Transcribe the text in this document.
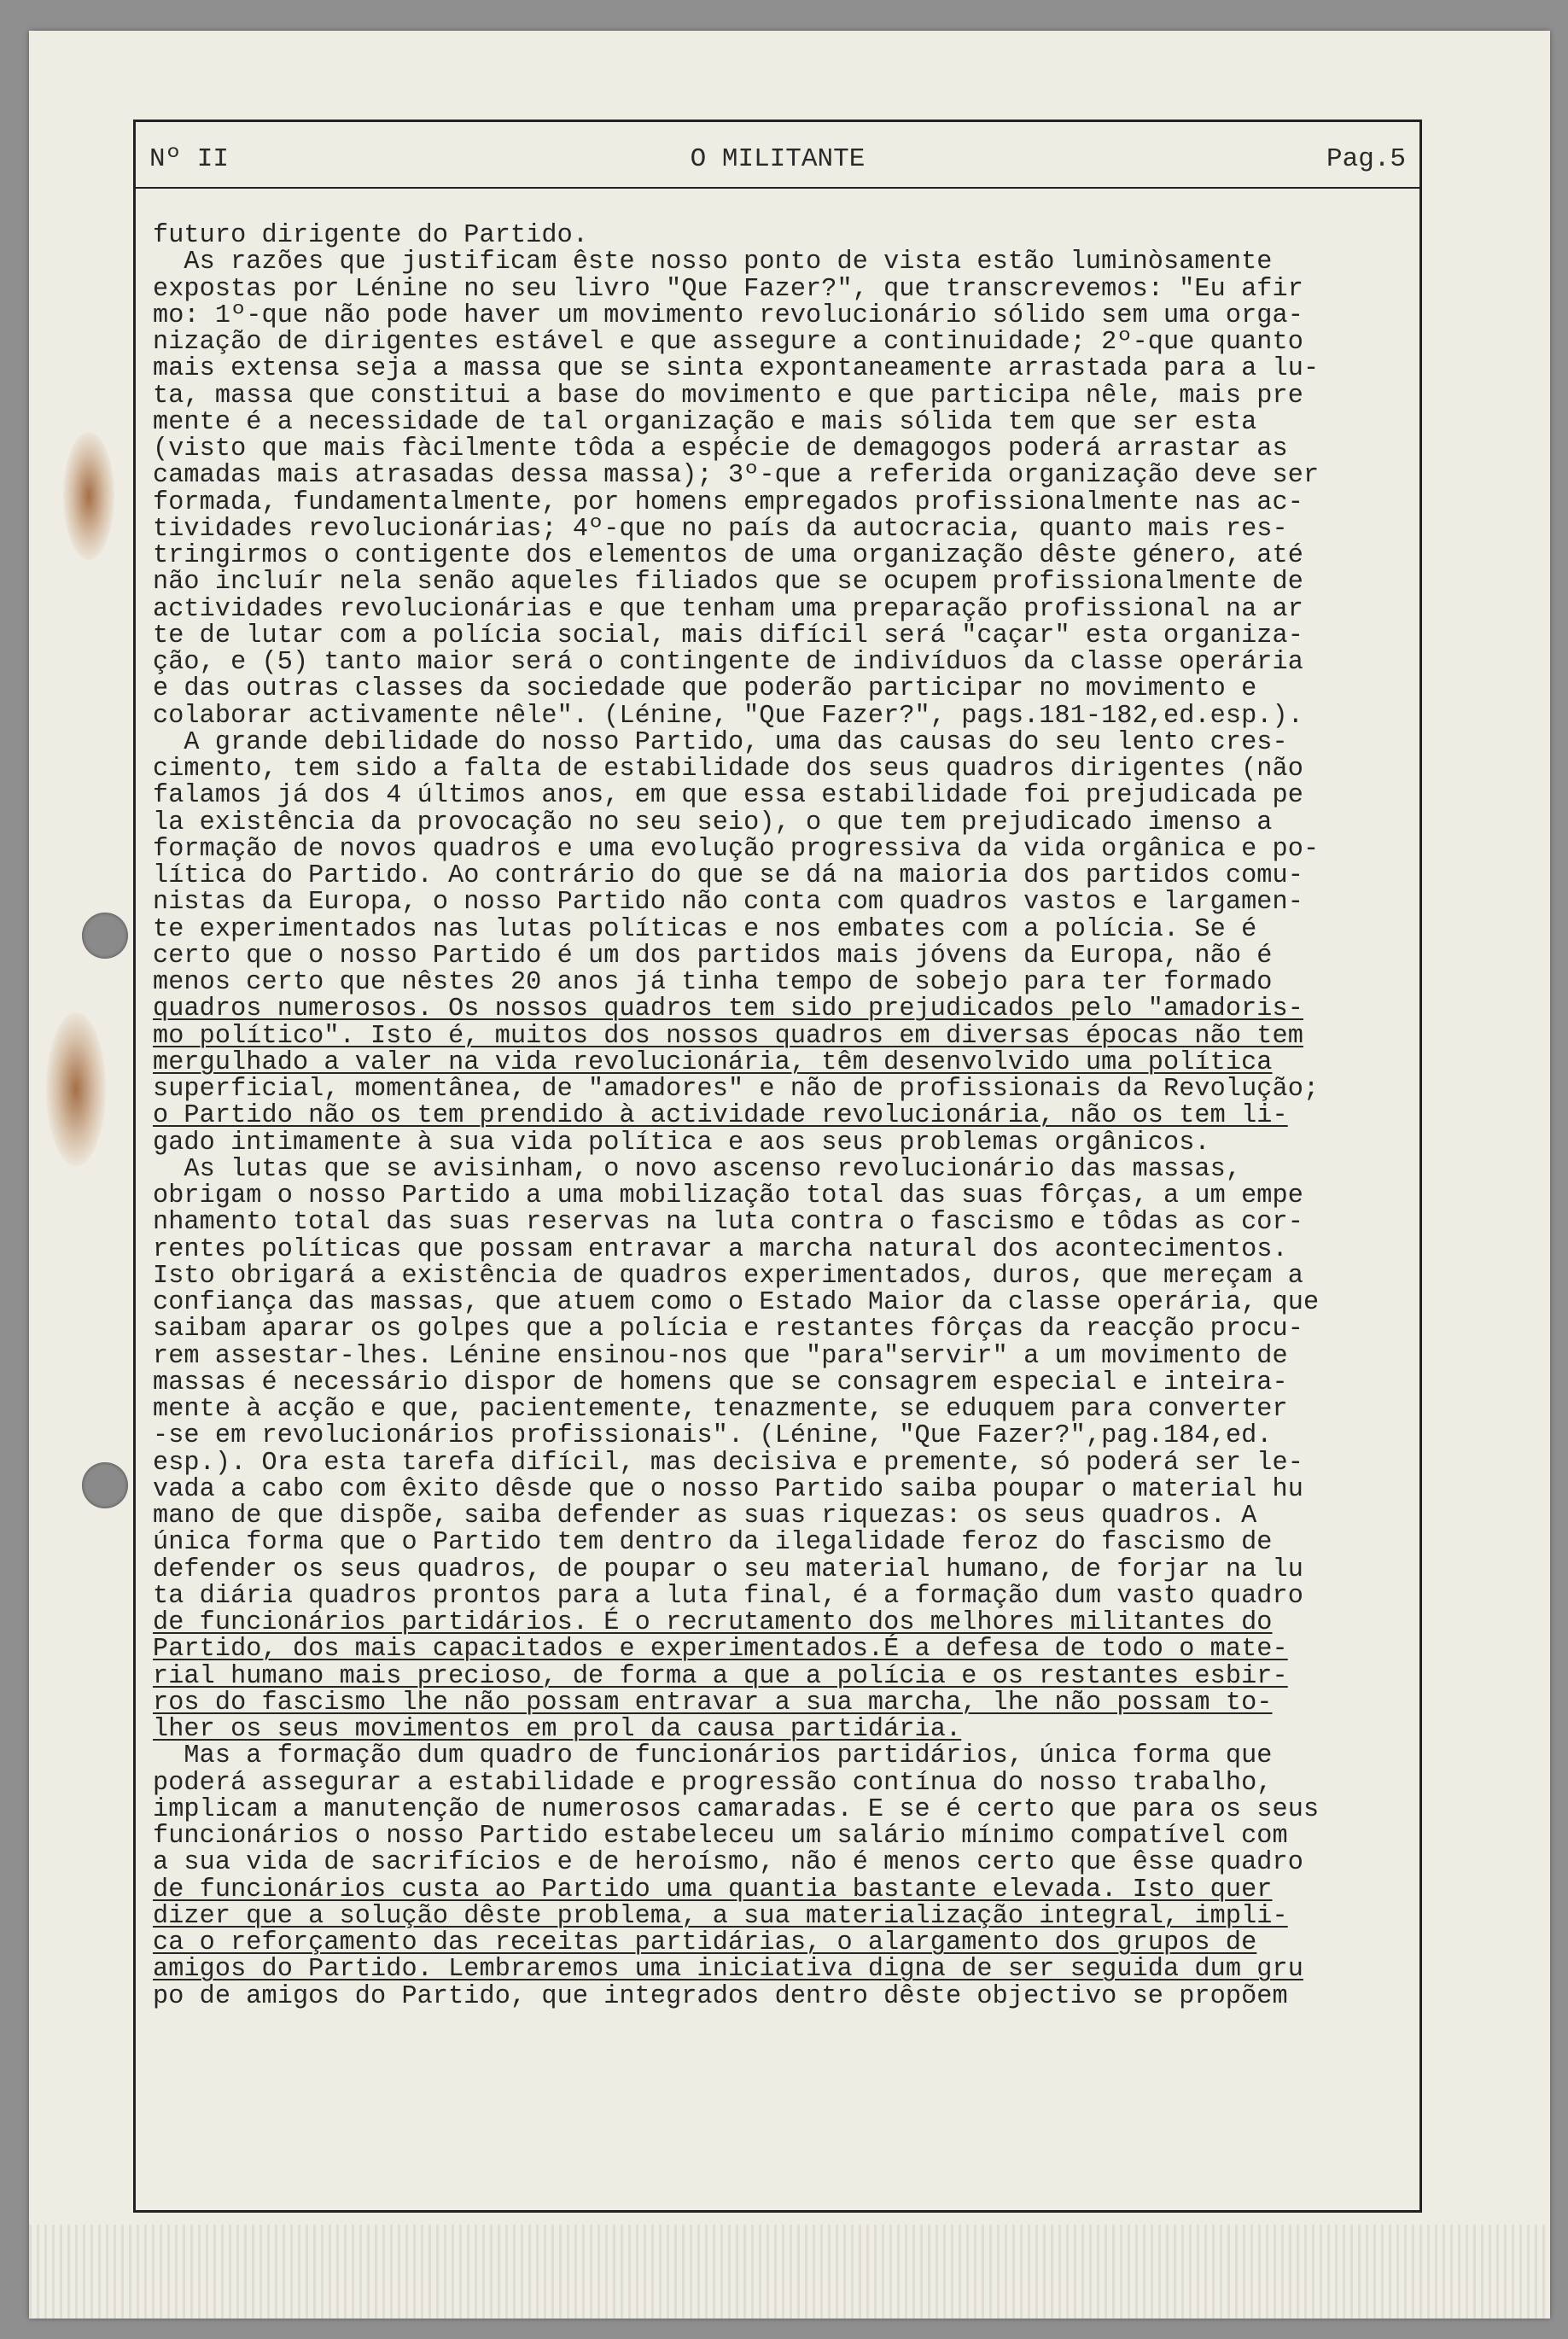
Nº II	O MILITANTE	Pag.5
futuro dirigente do Partido.
As razões que justificam êste nosso ponto de vista estão luminòsamente
expostas por Lénine no seu livro "Que Fazer?", que transcrevemos: "Eu afir
mo: 1º-que não pode haver um movimento revolucionário sólido sem uma orga-
nização de dirigentes estável e que assegure a continuidade; 2º-que quanto
mais extensa seja a massa que se sinta expontaneamente arrastada para a lu-
ta, massa que constitui a base do movimento e que participa nêle, mais pre
mente é a necessidade de tal organização e mais sólida tem que ser esta
(visto que mais fàcilmente tôda a espécie de demagogos poderá arrastar as
camadas mais atrasadas dessa massa); 3º-que a referida organização deve ser
formada, fundamentalmente, por homens empregados profissionalmente nas ac-
tividades revolucionárias; 4º-que no país da autocracia, quanto mais res-
tringirmos o contigente dos elementos de uma organização dêste género, até
não incluír nela senão aqueles filiados que se ocupem profissionalmente de
actividades revolucionárias e que tenham uma preparação profissional na ar
te de lutar com a polícia social, mais difícil será "caçar" esta organiza-
ção, e (5) tanto maior será o contingente de indivíduos da classe operária
e das outras classes da sociedade que poderão participar no movimento e
colaborar activamente nêle". (Lénine, "Que Fazer?", pags.181-182,ed.esp.).
A grande debilidade do nosso Partido, uma das causas do seu lento cres-
cimento, tem sido a falta de estabilidade dos seus quadros dirigentes (não
falamos já dos 4 últimos anos, em que essa estabilidade foi prejudicada pe
la existência da provocação no seu seio), o que tem prejudicado imenso a
formação de novos quadros e uma evolução progressiva da vida orgânica e po-
lítica do Partido. Ao contrário do que se dá na maioria dos partidos comu-
nistas da Europa, o nosso Partido não conta com quadros vastos e largamen-
te experimentados nas lutas políticas e nos embates com a polícia. Se é
certo que o nosso Partido é um dos partidos mais jóvens da Europa, não é
menos certo que nêstes 20 anos já tinha tempo de sobejo para ter formado
quadros numerosos. Os nossos quadros tem sido prejudicados pelo "amadoris-
mo político". Isto é, muitos dos nossos quadros em diversas épocas não tem
mergulhado a valer na vida revolucionária, têm desenvolvido uma política
superficial, momentânea, de "amadores" e não de profissionais da Revolução;
o Partido não os tem prendido à actividade revolucionária, não os tem li-
gado intimamente à sua vida política e aos seus problemas orgânicos.
As lutas que se avisinham, o novo ascenso revolucionário das massas,
obrigam o nosso Partido a uma mobilização total das suas fôrças, a um empe
nhamento total das suas reservas na luta contra o fascismo e tôdas as cor-
rentes políticas que possam entravar a marcha natural dos acontecimentos.
Isto obrigará a existência de quadros experimentados, duros, que mereçam a
confiança das massas, que atuem como o Estado Maior da classe operária, que
saibam aparar os golpes que a polícia e restantes fôrças da reacção procu-
rem assestar-lhes. Lénine ensinou-nos que "para"servir" a um movimento de
massas é necessário dispor de homens que se consagrem especial e inteira-
mente à acção e que, pacientemente, tenazmente, se eduquem para converter
-se em revolucionários profissionais". (Lénine, "Que Fazer?",pag.184,ed.
esp.). Ora esta tarefa difícil, mas decisiva e premente, só poderá ser le-
vada a cabo com êxito dêsde que o nosso Partido saiba poupar o material hu
mano de que dispõe, saiba defender as suas riquezas: os seus quadros. A
única forma que o Partido tem dentro da ilegalidade feroz do fascismo de
defender os seus quadros, de poupar o seu material humano, de forjar na lu
ta diária quadros prontos para a luta final, é a formação dum vasto quadro
de funcionários partidários. É o recrutamento dos melhores militantes do
Partido, dos mais capacitados e experimentados.É a defesa de todo o mate-
rial humano mais precioso, de forma a que a polícia e os restantes esbir-
ros do fascismo lhe não possam entravar a sua marcha, lhe não possam to-
lher os seus movimentos em prol da causa partidária.
Mas a formação dum quadro de funcionários partidários, única forma que
poderá assegurar a estabilidade e progressão contínua do nosso trabalho,
implicam a manutenção de numerosos camaradas. E se é certo que para os seus
funcionários o nosso Partido estabeleceu um salário mínimo compatível com
a sua vida de sacrifícios e de heroísmo, não é menos certo que êsse quadro
de funcionários custa ao Partido uma quantia bastante elevada. Isto quer
dizer que a solução dêste problema, a sua materialização integral, impli-
ca o reforçamento das receitas partidárias, o alargamento dos grupos de
amigos do Partido. Lembraremos uma iniciativa digna de ser seguida dum gru
po de amigos do Partido, que integrados dentro dêste objectivo se propõem
